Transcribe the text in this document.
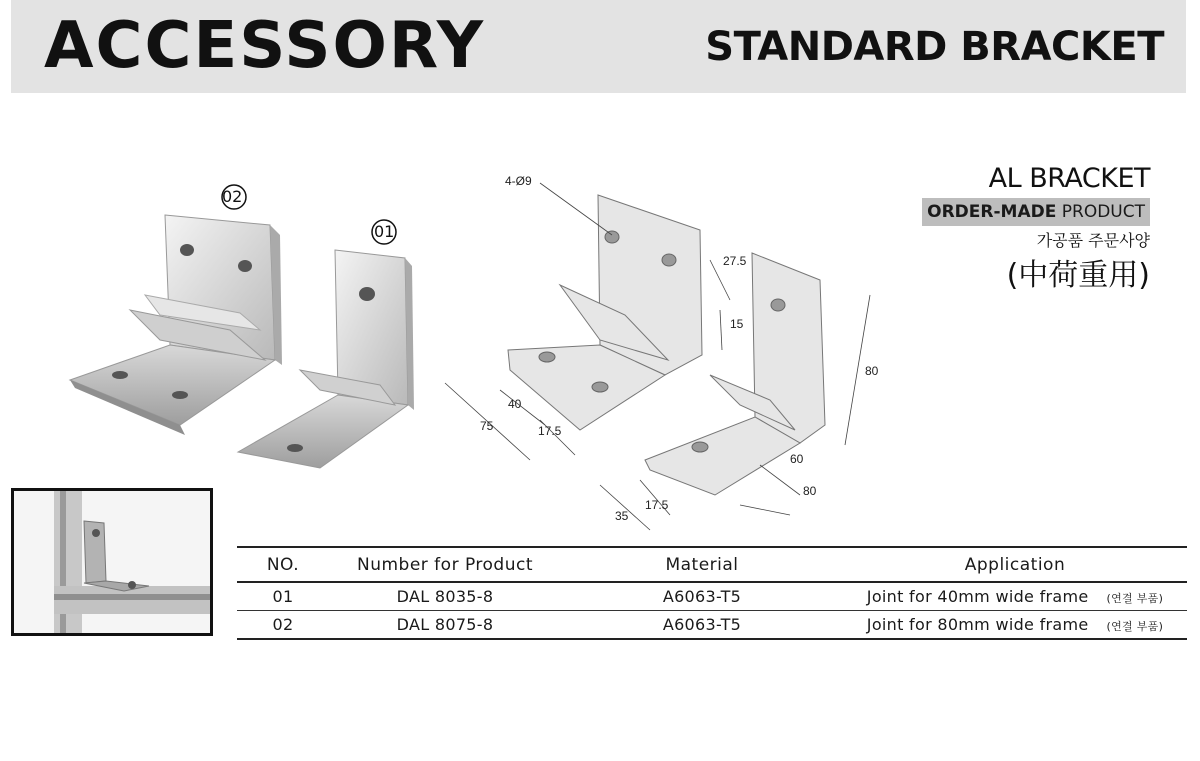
ACCESSORY	STANDARD BRACKET
02
01
4-Ø9
75
40
17.5
27.5
15
80
60
80
35
17.5
AL BRACKET
ORDER-MADE PRODUCT
가공품 주문사양
(中荷重用)
NO.	Number for Product	Material	Application
01	DAL 8035-8	A6063-T5	Joint for 40mm wide frame (연결 부품)
02	DAL 8075-8	A6063-T5	Joint for 80mm wide frame (연결 부품)
